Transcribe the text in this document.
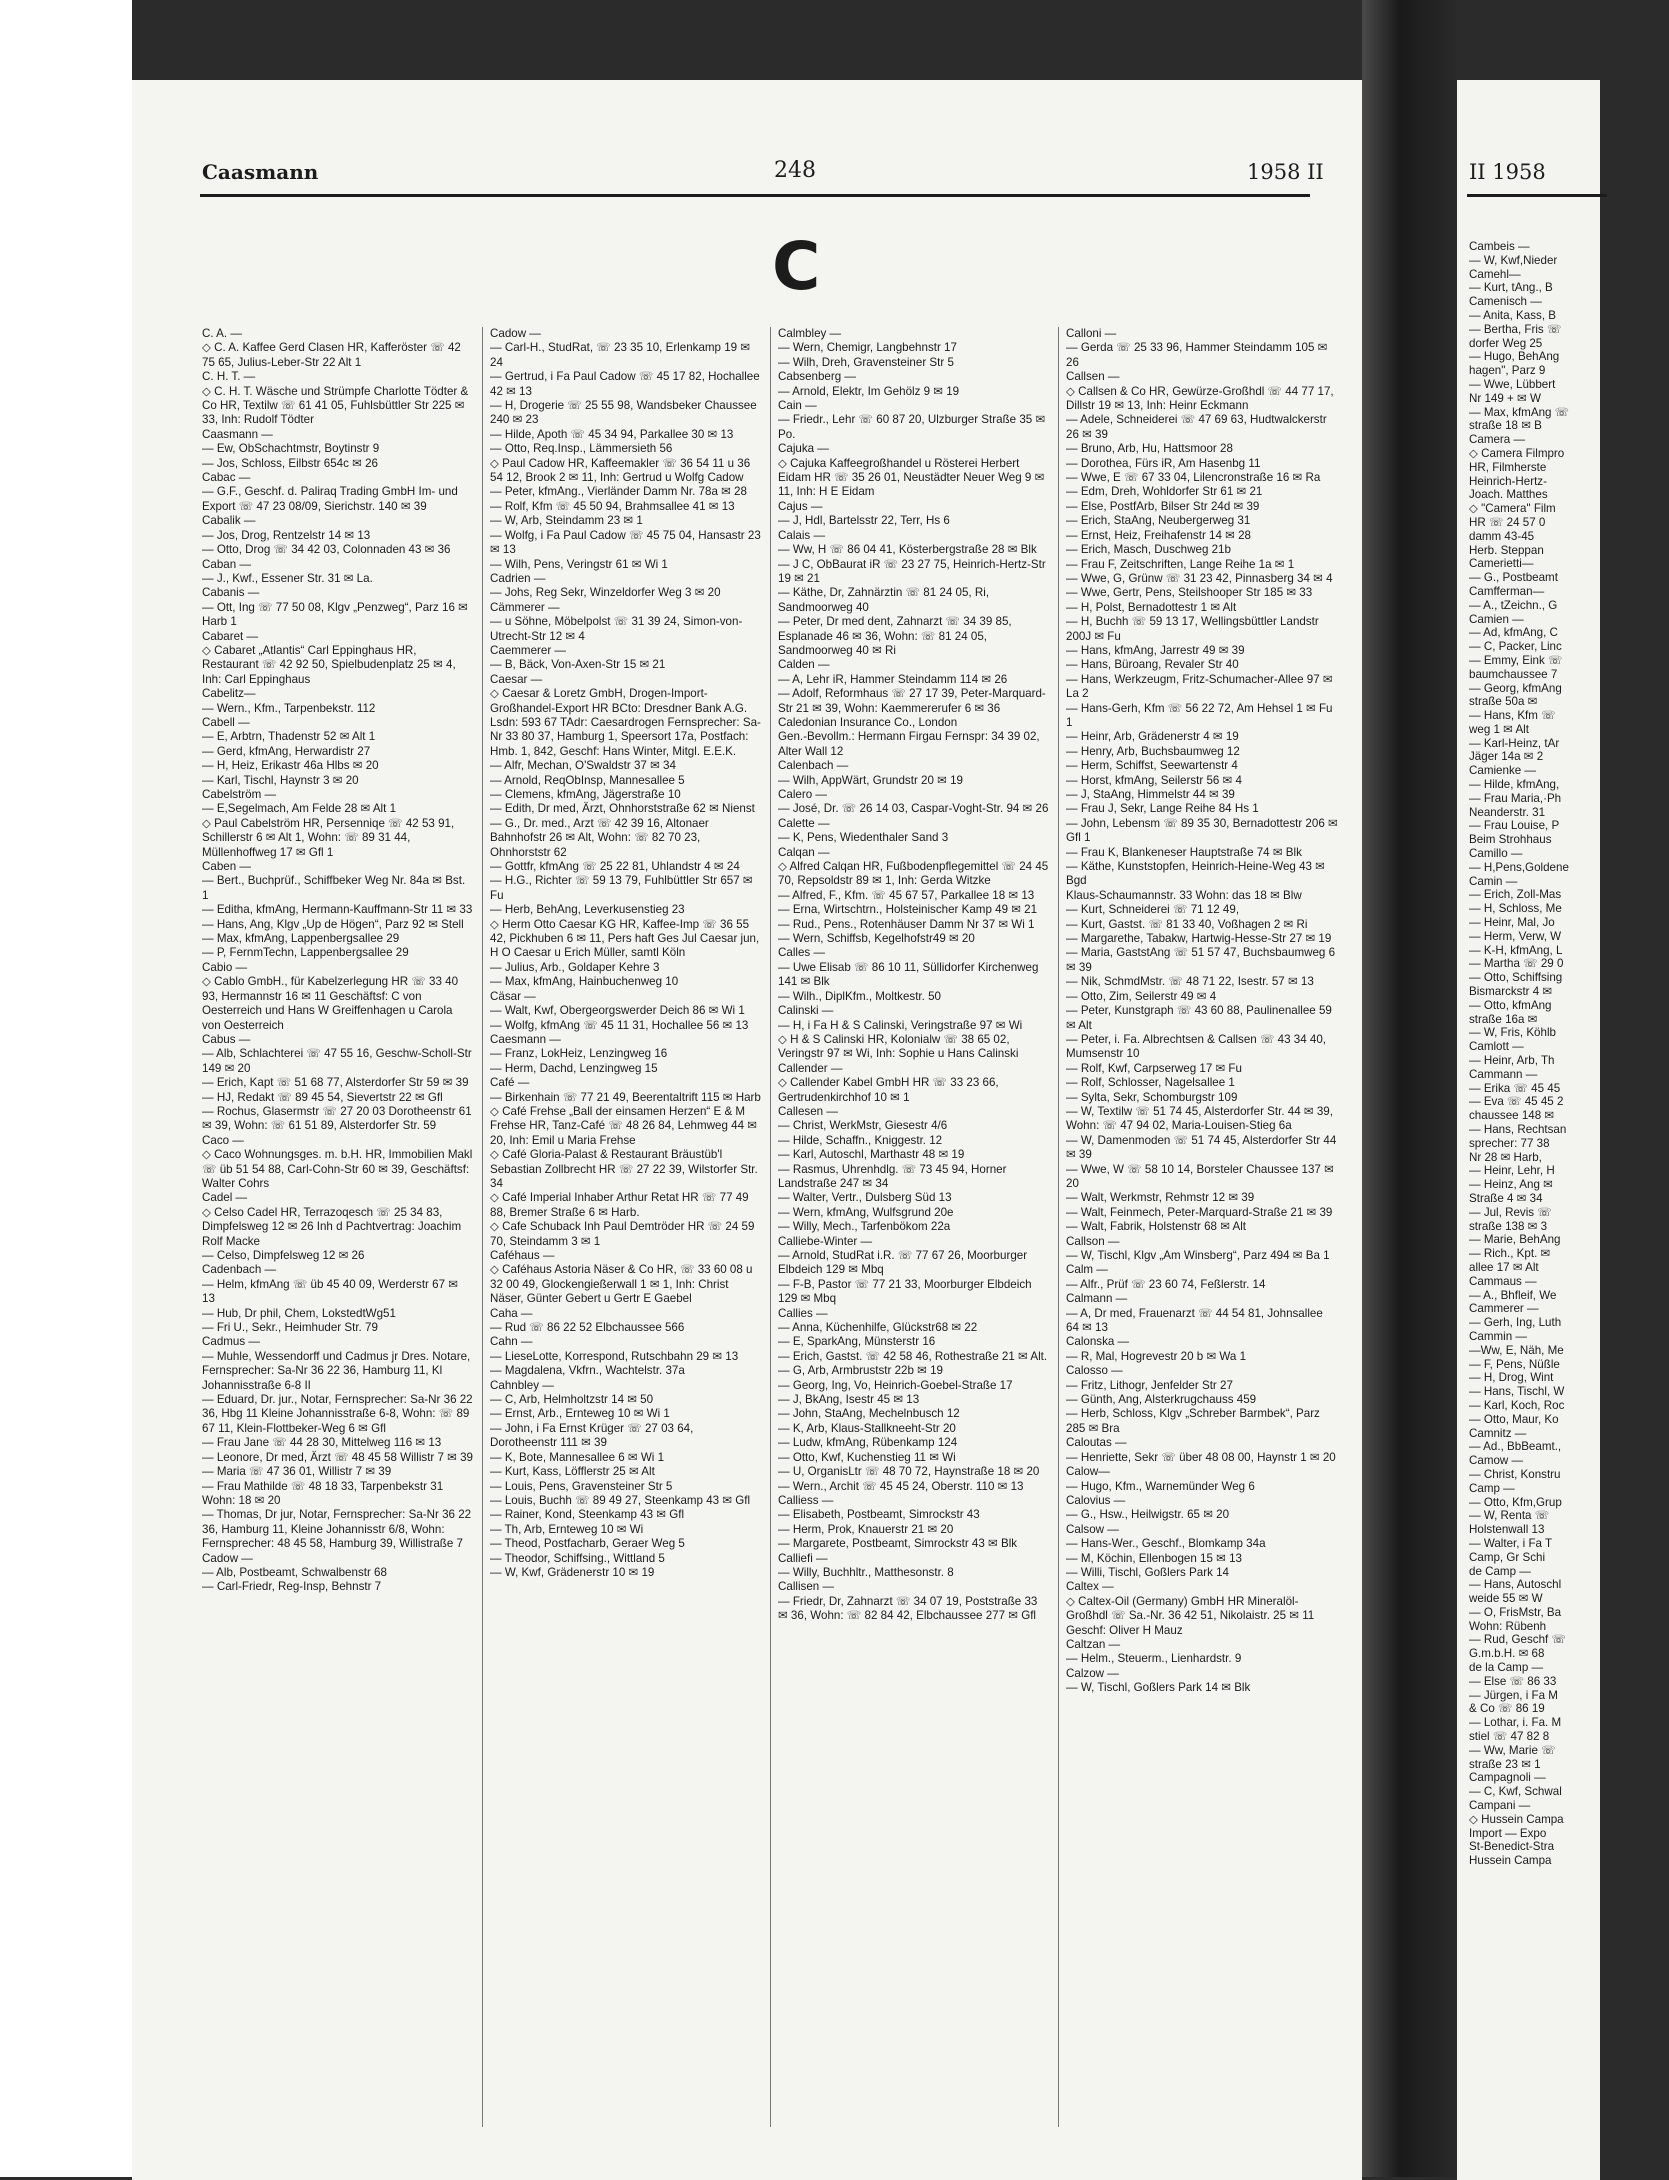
Caasmann	248	1958 II
C
C. A. —
◇ C. A. Kaffee Gerd Clasen HR, Kafferöster ☏ 42 75 65, Julius-Leber-Str 22 Alt 1
C. H. T. —
◇ C. H. T. Wäsche und Strümpfe Charlotte Tödter & Co HR, Textilw ☏ 61 41 05, Fuhlsbüttler Str 225 ✉ 33, Inh: Rudolf Tödter
Caasmann —
— Ew, ObSchachtmstr, Boytinstr 9
— Jos, Schloss, Eilbstr 654c ✉ 26
Cabac —
— G.F., Geschf. d. Paliraq Trading GmbH Im- und Export ☏ 47 23 08/09, Sierichstr. 140 ✉ 39
Cabalik —
— Jos, Drog, Rentzelstr 14 ✉ 13
— Otto, Drog ☏ 34 42 03, Colonnaden 43 ✉ 36
Caban —
— J., Kwf., Essener Str. 31 ✉ La.
Cabanis —
— Ott, Ing ☏ 77 50 08, Klgv „Penzweg“, Parz 16 ✉ Harb 1
Cabaret —
◇ Cabaret „Atlantis“ Carl Eppinghaus HR, Restaurant ☏ 42 92 50, Spielbudenplatz 25 ✉ 4, Inh: Carl Eppinghaus
Cabelitz—
— Wern., Kfm., Tarpenbekstr. 112
Cabell —
— E, Arbtrn, Thadenstr 52 ✉ Alt 1
— Gerd, kfmAng, Herwardistr 27
— H, Heiz, Erikastr 46a Hlbs ✉ 20
— Karl, Tischl, Haynstr 3 ✉ 20
Cabelström —
— E,Segelmach, Am Felde 28 ✉ Alt 1
◇ Paul Cabelström HR, Persenniqe ☏ 42 53 91, Schillerstr 6 ✉ Alt 1, Wohn: ☏ 89 31 44, Müllenhoffweg 17 ✉ Gfl 1
Caben —
— Bert., Buchprüf., Schiffbeker Weg Nr. 84a ✉ Bst. 1
— Editha, kfmAng, Hermann-Kauffmann-Str 11 ✉ 33
— Hans, Ang, Klgv „Up de Högen“, Parz 92 ✉ Stell
— Max, kfmAng, Lappenbergsallee 29
— P, FernmTechn, Lappenbergsallee 29
Cabio —
◇ Cablo GmbH., für Kabelzerlegung HR ☏ 33 40 93, Hermannstr 16 ✉ 11 Geschäftsf: C von Oesterreich und Hans W Greiffenhagen u Carola von Oesterreich
Cabus —
— Alb, Schlachterei ☏ 47 55 16, Geschw-Scholl-Str 149 ✉ 20
— Erich, Kapt ☏ 51 68 77, Alsterdorfer Str 59 ✉ 39
— HJ, Redakt ☏ 89 45 54, Sievertstr 22 ✉ Gfl
— Rochus, Glasermstr ☏ 27 20 03 Dorotheenstr 61 ✉ 39, Wohn: ☏ 61 51 89, Alsterdorfer Str. 59
Caco —
◇ Caco Wohnungsges. m. b.H. HR, Immobilien Makl ☏ üb 51 54 88, Carl-Cohn-Str 60 ✉ 39, Geschäftsf: Walter Cohrs
Cadel —
◇ Celso Cadel HR, Terrazoqesch ☏ 25 34 83, Dimpfelsweg 12 ✉ 26 Inh d Pachtvertrag: Joachim Rolf Macke
— Celso, Dimpfelsweg 12 ✉ 26
Cadenbach —
— Helm, kfmAng ☏ üb 45 40 09, Werderstr 67 ✉ 13
— Hub, Dr phil, Chem, LokstedtWg51
— Fri U., Sekr., Heimhuder Str. 79
Cadmus —
— Muhle, Wessendorff und Cadmus jr Dres. Notare, Fernsprecher: Sa-Nr 36 22 36, Hamburg 11, Kl Johannisstraße 6-8 II
— Eduard, Dr. jur., Notar, Fernsprecher: Sa-Nr 36 22 36, Hbg 11 Kleine Johannisstraße 6-8, Wohn: ☏ 89 67 11, Klein-Flottbeker-Weg 6 ✉ Gfl
— Frau Jane ☏ 44 28 30, Mittelweg 116 ✉ 13
— Leonore, Dr med, Ärzt ☏ 48 45 58 Willistr 7 ✉ 39
— Maria ☏ 47 36 01, Willistr 7 ✉ 39
— Frau Mathilde ☏ 48 18 33, Tarpenbekstr 31 Wohn: 18 ✉ 20
— Thomas, Dr jur, Notar, Fernsprecher: Sa-Nr 36 22 36, Hamburg 11, Kleine Johannisstr 6/8, Wohn: Fernsprecher: 48 45 58, Hamburg 39, Willistraße 7
Cadow —
— Alb, Postbeamt, Schwalbenstr 68
— Carl-Friedr, Reg-Insp, Behnstr 7
Cadow —
— Carl-H., StudRat, ☏ 23 35 10, Erlenkamp 19 ✉ 24
— Gertrud, i Fa Paul Cadow ☏ 45 17 82, Hochallee 42 ✉ 13
— H, Drogerie ☏ 25 55 98, Wandsbeker Chaussee 240 ✉ 23
— Hilde, Apoth ☏ 45 34 94, Parkallee 30 ✉ 13
— Otto, Req.Insp., Lämmersieth 56
◇ Paul Cadow HR, Kaffeemakler ☏ 36 54 11 u 36 54 12, Brook 2 ✉ 11, Inh: Gertrud u Wolfg Cadow
— Peter, kfmAng., Vierländer Damm Nr. 78a ✉ 28
— Rolf, Kfm ☏ 45 50 94, Brahmsallee 41 ✉ 13
— W, Arb, Steindamm 23 ✉ 1
— Wolfg, i Fa Paul Cadow ☏ 45 75 04, Hansastr 23 ✉ 13
— Wilh, Pens, Veringstr 61 ✉ Wi 1
Cadrien —
— Johs, Reg Sekr, Winzeldorfer Weg 3 ✉ 20
Cämmerer —
— u Söhne, Möbelpolst ☏ 31 39 24, Simon-von-Utrecht-Str 12 ✉ 4
Caemmerer —
— B, Bäck, Von-Axen-Str 15 ✉ 21
Caesar —
◇ Caesar & Loretz GmbH, Drogen-Import-Großhandel-Export HR BCto: Dresdner Bank A.G. Lsdn: 593 67 TAdr: Caesardrogen Fernsprecher: Sa-Nr 33 80 37, Hamburg 1, Speersort 17a, Postfach: Hmb. 1, 842, Geschf: Hans Winter, Mitgl. E.E.K.
— Alfr, Mechan, O'Swaldstr 37 ✉ 34
— Arnold, ReqObInsp, Mannesallee 5
— Clemens, kfmAng, Jägerstraße 10
— Edith, Dr med, Ärzt, Ohnhorststraße 62 ✉ Nienst
— G., Dr. med., Arzt ☏ 42 39 16, Altonaer Bahnhofstr 26 ✉ Alt, Wohn: ☏ 82 70 23, Ohnhorststr 62
— Gottfr, kfmAng ☏ 25 22 81, Uhlandstr 4 ✉ 24
— H.G., Richter ☏ 59 13 79, Fuhlbüttler Str 657 ✉ Fu
— Herb, BehAng, Leverkusenstieg 23
◇ Herm Otto Caesar KG HR, Kaffee-Imp ☏ 36 55 42, Pickhuben 6 ✉ 11, Pers haft Ges Jul Caesar jun, H O Caesar u Erich Müller, samtl Köln
— Julius, Arb., Goldaper Kehre 3
— Max, kfmAng, Hainbuchenweg 10
Cäsar —
— Walt, Kwf, Obergeorgswerder Deich 86 ✉ Wi 1
— Wolfg, kfmAng ☏ 45 11 31, Hochallee 56 ✉ 13
Caesmann —
— Franz, LokHeiz, Lenzingweg 16
— Herm, Dachd, Lenzingweg 15
Café —
— Birkenhain ☏ 77 21 49, Beerentaltrift 115 ✉ Harb
◇ Café Frehse „Ball der einsamen Herzen“ E & M Frehse HR, Tanz-Café ☏ 48 26 84, Lehmweg 44 ✉ 20, Inh: Emil u Maria Frehse
◇ Café Gloria-Palast & Restaurant Bräustüb'l Sebastian Zollbrecht HR ☏ 27 22 39, Wilstorfer Str. 34
◇ Café Imperial Inhaber Arthur Retat HR ☏ 77 49 88, Bremer Straße 6 ✉ Harb.
◇ Cafe Schuback Inh Paul Demtröder HR ☏ 24 59 70, Steindamm 3 ✉ 1
Caféhaus —
◇ Caféhaus Astoria Näser & Co HR, ☏ 33 60 08 u 32 00 49, Glockengießerwall 1 ✉ 1, Inh: Christ Näser, Günter Gebert u Gertr E Gaebel
Caha —
— Rud ☏ 86 22 52 Elbchaussee 566
Cahn —
— LieseLotte, Korrespond, Rutschbahn 29 ✉ 13
— Magdalena, Vkfrn., Wachtelstr. 37a
Cahnbley —
— C, Arb, Helmholtzstr 14 ✉ 50
— Ernst, Arb., Ernteweg 10 ✉ Wi 1
— John, i Fa Ernst Krüger ☏ 27 03 64, Dorotheenstr 111 ✉ 39
— K, Bote, Mannesallee 6 ✉ Wi 1
— Kurt, Kass, Löfflerstr 25 ✉ Alt
— Louis, Pens, Gravensteiner Str 5
— Louis, Buchh ☏ 89 49 27, Steenkamp 43 ✉ Gfl
— Rainer, Kond, Steenkamp 43 ✉ Gfl
— Th, Arb, Ernteweg 10 ✉ Wi
— Theod, Postfacharb, Geraer Weg 5
— Theodor, Schiffsing., Wittland 5
— W, Kwf, Grädenerstr 10 ✉ 19
Calmbley —
— Wern, Chemigr, Langbehnstr 17
— Wilh, Dreh, Gravensteiner Str 5
Cabsenberg —
— Arnold, Elektr, Im Gehölz 9 ✉ 19
Cain —
— Friedr., Lehr ☏ 60 87 20, Ulzburger Straße 35 ✉ Po.
Cajuka —
◇ Cajuka Kaffeegroßhandel u Rösterei Herbert Eidam HR ☏ 35 26 01, Neustädter Neuer Weg 9 ✉ 11, Inh: H E Eidam
Cajus —
— J, Hdl, Bartelsstr 22, Terr, Hs 6
Calais —
— Ww, H ☏ 86 04 41, Kösterbergstraße 28 ✉ Blk
— J C, ObBaurat iR ☏ 23 27 75, Heinrich-Hertz-Str 19 ✉ 21
— Käthe, Dr, Zahnärztin ☏ 81 24 05, Ri, Sandmoorweg 40
— Peter, Dr med dent, Zahnarzt ☏ 34 39 85, Esplanade 46 ✉ 36, Wohn: ☏ 81 24 05, Sandmoorweg 40 ✉ Ri
Calden —
— A, Lehr iR, Hammer Steindamm 114 ✉ 26
— Adolf, Reformhaus ☏ 27 17 39, Peter-Marquard-Str 21 ✉ 39, Wohn: Kaemmererufer 6 ✉ 36
Caledonian Insurance Co., London
Gen.-Bevollm.: Hermann Firgau Fernspr: 34 39 02, Alter Wall 12
Calenbach —
— Wilh, AppWärt, Grundstr 20 ✉ 19
Calero —
— José, Dr. ☏ 26 14 03, Caspar-Voght-Str. 94 ✉ 26
Calette —
— K, Pens, Wiedenthaler Sand 3
Calqan —
◇ Alfred Calqan HR, Fußbodenpflegemittel ☏ 24 45 70, Repsoldstr 89 ✉ 1, Inh: Gerda Witzke
— Alfred, F., Kfm. ☏ 45 67 57, Parkallee 18 ✉ 13
— Erna, Wirtschtrn., Holsteinischer Kamp 49 ✉ 21
— Rud., Pens., Rotenhäuser Damm Nr 37 ✉ Wi 1
— Wern, Schiffsb, Kegelhofstr49 ✉ 20
Calles —
— Uwe Elisab ☏ 86 10 11, Süllidorfer Kirchenweg 141 ✉ Blk
— Wilh., DiplKfm., Moltkestr. 50
Calinski —
— H, i Fa H & S Calinski, Veringstraße 97 ✉ Wi
◇ H & S Calinski HR, Kolonialw ☏ 38 65 02, Veringstr 97 ✉ Wi, Inh: Sophie u Hans Calinski
Callender —
◇ Callender Kabel GmbH HR ☏ 33 23 66, Gertrudenkirchhof 10 ✉ 1
Callesen —
— Christ, WerkMstr, Giesestr 4/6
— Hilde, Schaffn., Kniggestr. 12
— Karl, Autoschl, Marthastr 48 ✉ 19
— Rasmus, Uhrenhdlg. ☏ 73 45 94, Horner Landstraße 247 ✉ 34
— Walter, Vertr., Dulsberg Süd 13
— Wern, kfmAng, Wulfsgrund 20e
— Willy, Mech., Tarfenbökom 22a
Calliebe-Winter —
— Arnold, StudRat i.R. ☏ 77 67 26, Moorburger Elbdeich 129 ✉ Mbq
— F-B, Pastor ☏ 77 21 33, Moorburger Elbdeich 129 ✉ Mbq
Callies —
— Anna, Küchenhilfe, Glückstr68 ✉ 22
— E, SparkAng, Münsterstr 16
— Erich, Gastst. ☏ 42 58 46, Rothestraße 21 ✉ Alt.
— G, Arb, Armbruststr 22b ✉ 19
— Georg, Ing, Vo, Heinrich-Goebel-Straße 17
— J, BkAng, Isestr 45 ✉ 13
— John, StaAng, Mechelnbusch 12
— K, Arb, Klaus-Stallkneeht-Str 20
— Ludw, kfmAng, Rübenkamp 124
— Otto, Kwf, Kuchenstieg 11 ✉ Wi
— U, OrganisLtr ☏ 48 70 72, Haynstraße 18 ✉ 20
— Wern., Archit ☏ 45 45 24, Oberstr. 110 ✉ 13
Calliess —
— Elisabeth, Postbeamt, Simrockstr 43
— Herm, Prok, Knauerstr 21 ✉ 20
— Margarete, Postbeamt, Simrockstr 43 ✉ Blk
Calliefi —
— Willy, Buchhltr., Matthesonstr. 8
Callisen —
— Friedr, Dr, Zahnarzt ☏ 34 07 19, Poststraße 33 ✉ 36, Wohn: ☏ 82 84 42, Elbchaussee 277 ✉ Gfl
Calloni —
— Gerda ☏ 25 33 96, Hammer Steindamm 105 ✉ 26
Callsen —
◇ Callsen & Co HR, Gewürze-Großhdl ☏ 44 77 17, Dillstr 19 ✉ 13, Inh: Heinr Eckmann
— Adele, Schneiderei ☏ 47 69 63, Hudtwalckerstr 26 ✉ 39
— Bruno, Arb, Hu, Hattsmoor 28
— Dorothea, Fürs iR, Am Hasenbg 11
— Wwe, E ☏ 67 33 04, Lilencronstraße 16 ✉ Ra
— Edm, Dreh, Wohldorfer Str 61 ✉ 21
— Else, PostfArb, Bilser Str 24d ✉ 39
— Erich, StaAng, Neubergerweg 31
— Ernst, Heiz, Freihafenstr 14 ✉ 28
— Erich, Masch, Duschweg 21b
— Frau F, Zeitschriften, Lange Reihe 1a ✉ 1
— Wwe, G, Grünw ☏ 31 23 42, Pinnasberg 34 ✉ 4
— Wwe, Gertr, Pens, Steilshooper Str 185 ✉ 33
— H, Polst, Bernadottestr 1 ✉ Alt
— H, Buchh ☏ 59 13 17, Wellingsbüttler Landstr 200J ✉ Fu
— Hans, kfmAng, Jarrestr 49 ✉ 39
— Hans, Büroang, Revaler Str 40
— Hans, Werkzeugm, Fritz-Schumacher-Allee 97 ✉ La 2
— Hans-Gerh, Kfm ☏ 56 22 72, Am Hehsel 1 ✉ Fu 1
— Heinr, Arb, Grädenerstr 4 ✉ 19
— Henry, Arb, Buchsbaumweg 12
— Herm, Schiffst, Seewartenstr 4
— Horst, kfmAng, Seilerstr 56 ✉ 4
— J, StaAng, Himmelstr 44 ✉ 39
— Frau J, Sekr, Lange Reihe 84 Hs 1
— John, Lebensm ☏ 89 35 30, Bernadottestr 206 ✉ Gfl 1
— Frau K, Blankeneser Hauptstraße 74 ✉ Blk
— Käthe, Kunststopfen, Heinrich-Heine-Weg 43 ✉ Bgd
Klaus-Schaumannstr. 33 Wohn: das 18 ✉ Blw
— Kurt, Schneiderei ☏ 71 12 49,
— Kurt, Gastst. ☏ 81 33 40, Voßhagen 2 ✉ Ri
— Margarethe, Tabakw, Hartwig-Hesse-Str 27 ✉ 19
— Maria, GaststAng ☏ 51 57 47, Buchsbaumweg 6 ✉ 39
— Nik, SchmdMstr. ☏ 48 71 22, Isestr. 57 ✉ 13
— Otto, Zim, Seilerstr 49 ✉ 4
— Peter, Kunstgraph ☏ 43 60 88, Paulinenallee 59 ✉ Alt
— Peter, i. Fa. Albrechtsen & Callsen ☏ 43 34 40, Mumsenstr 10
— Rolf, Kwf, Carpserweg 17 ✉ Fu
— Rolf, Schlosser, Nagelsallee 1
— Sylta, Sekr, Schomburgstr 109
— W, Textilw ☏ 51 74 45, Alsterdorfer Str. 44 ✉ 39, Wohn: ☏ 47 94 02, Maria-Louisen-Stieg 6a
— W, Damenmoden ☏ 51 74 45, Alsterdorfer Str 44 ✉ 39
— Wwe, W ☏ 58 10 14, Borsteler Chaussee 137 ✉ 20
— Walt, Werkmstr, Rehmstr 12 ✉ 39
— Walt, Feinmech, Peter-Marquard-Straße 21 ✉ 39
— Walt, Fabrik, Holstenstr 68 ✉ Alt
Callson —
— W, Tischl, Klgv „Am Winsberg“, Parz 494 ✉ Ba 1
Calm —
— Alfr., Prüf ☏ 23 60 74, Feßlerstr. 14
Calmann —
— A, Dr med, Frauenarzt ☏ 44 54 81, Johnsallee 64 ✉ 13
Calonska —
— R, Mal, Hogrevestr 20 b ✉ Wa 1
Calosso —
— Fritz, Lithogr, Jenfelder Str 27
— Günth, Ang, Alsterkrugchauss 459
— Herb, Schloss, Klgv „Schreber Barmbek“, Parz 285 ✉ Bra
Caloutas —
— Henriette, Sekr ☏ über 48 08 00, Haynstr 1 ✉ 20
Calow—
— Hugo, Kfm., Warnemünder Weg 6
Calovius —
— G., Hsw., Heilwigstr. 65 ✉ 20
Calsow —
— Hans-Wer., Geschf., Blomkamp 34a
— M, Köchin, Ellenbogen 15 ✉ 13
— Willi, Tischl, Goßlers Park 14
Caltex —
◇ Caltex-Oil (Germany) GmbH HR Mineralöl-Großhdl ☏ Sa.-Nr. 36 42 51, Nikolaistr. 25 ✉ 11 Geschf: Oliver H Mauz
Caltzan —
— Helm., Steuerm., Lienhardstr. 9
Calzow —
— W, Tischl, Goßlers Park 14 ✉ Blk
II 1958
Cambeis —
— W, Kwf,Nieder
Camehl—
— Kurt, tAng., B
Camenisch —
— Anita, Kass, B
— Bertha, Fris ☏
dorfer Weg 25
— Hugo, BehAng
hagen", Parz 9
— Wwe, Lübbert
Nr 149 + ✉ W
— Max, kfmAng ☏
straße 18 ✉ B
Camera —
◇ Camera Filmpro
HR, Filmherste
Heinrich-Hertz-
Joach. Matthes
◇ "Camera" Film
HR ☏ 24 57 0
damm 43-45
Herb. Steppan
Camerietti—
— G., Postbeamt
Camfferman—
— A., tZeichn., G
Camien —
— Ad, kfmAng, C
— C, Packer, Linc
— Emmy, Eink ☏
baumchaussee 7
— Georg, kfmAng
straße 50a ✉
— Hans, Kfm ☏
weg 1 ✉ Alt
— Karl-Heinz, tAr
Jäger 14a ✉ 2
Camienke —
— Hilde, kfmAng,
— Frau Maria,·Ph
Neanderstr. 31
— Frau Louise, P
Beim Strohhaus
Camillo —
— H,Pens,Goldene
Camin —
— Erich, Zoll-Mas
— H, Schloss, Me
— Heinr, Mal, Jo
— Herm, Verw, W
— K-H, kfmAng, L
— Martha ☏ 29 0
— Otto, Schiffsing
Bismarckstr 4 ✉
— Otto, kfmAng
straße 16a ✉
— W, Fris, Köhlb
Camlott —
— Heinr, Arb, Th
Cammann —
— Erika ☏ 45 45
— Eva ☏ 45 45 2
chaussee 148 ✉
— Hans, Rechtsan
sprecher: 77 38
Nr 28 ✉ Harb,
— Heinr, Lehr, H
— Heinz, Ang ✉
Straße 4 ✉ 34
— Jul, Revis ☏
straße 138 ✉ 3
— Marie, BehAng
— Rich., Kpt. ✉
allee 17 ✉ Alt
Cammaus —
— A., Bhfleif, We
Cammerer —
— Gerh, Ing, Luth
Cammin —
—Ww, E, Näh, Me
— F, Pens, Nüßle
— H, Drog, Wint
— Hans, Tischl, W
— Karl, Koch, Roc
— Otto, Maur, Ko
Camnitz —
— Ad., BbBeamt.,
Camow —
— Christ, Konstru
Camp —
— Otto, Kfm,Grup
— W, Renta ☏
Holstenwall 13
— Walter, i Fa T
Camp, Gr Schi
de Camp —
— Hans, Autoschl
weide 55 ✉ W
— O, FrisMstr, Ba
Wohn: Rübenh
— Rud, Geschf ☏
G.m.b.H. ✉ 68
de la Camp —
— Else ☏ 86 33
— Jürgen, i Fa M
& Co ☏ 86 19
— Lothar, i. Fa. M
stiel ☏ 47 82 8
— Ww, Marie ☏
straße 23 ✉ 1
Campagnoli —
— C, Kwf, Schwal
Campani —
◇ Hussein Campa
Import — Expo
St-Benedict-Stra
Hussein Campa
